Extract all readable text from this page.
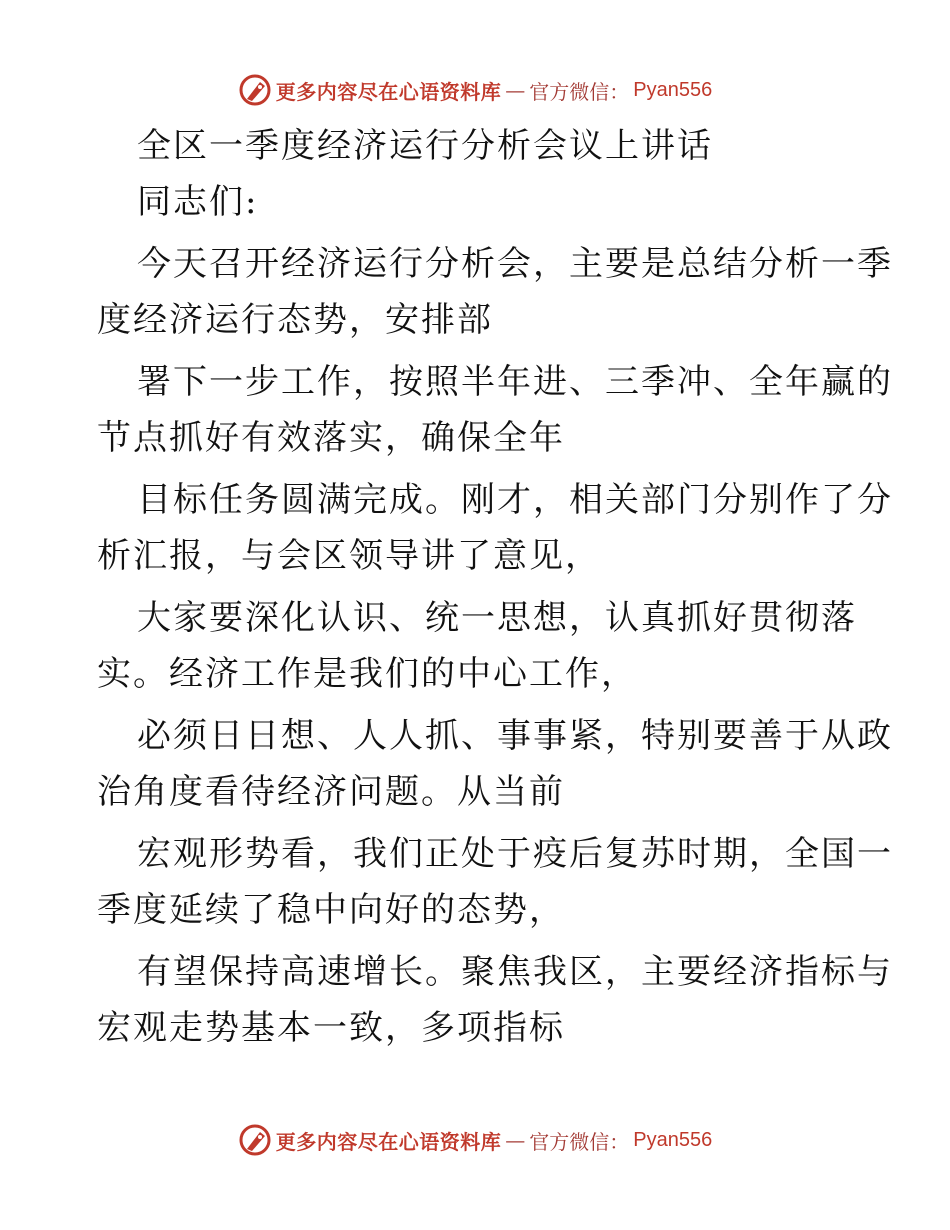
更多内容尽在心语资料库 — 官方微信： Pyan556
全区一季度经济运行分析会议上讲话
同志们:
今天召开经济运行分析会，主要是总结分析一季
度经济运行态势，安排部
署下一步工作，按照半年进、三季冲、全年赢的
节点抓好有效落实，确保全年
目标任务圆满完成。刚才，相关部门分别作了分
析汇报，与会区领导讲了意见，
大家要深化认识、统一思想，认真抓好贯彻落
实。经济工作是我们的中心工作，
必须日日想、人人抓、事事紧，特别要善于从政
治角度看待经济问题。从当前
宏观形势看，我们正处于疫后复苏时期，全国一
季度延续了稳中向好的态势，
有望保持高速增长。聚焦我区，主要经济指标与
宏观走势基本一致，多项指标
更多内容尽在心语资料库 — 官方微信： Pyan556
